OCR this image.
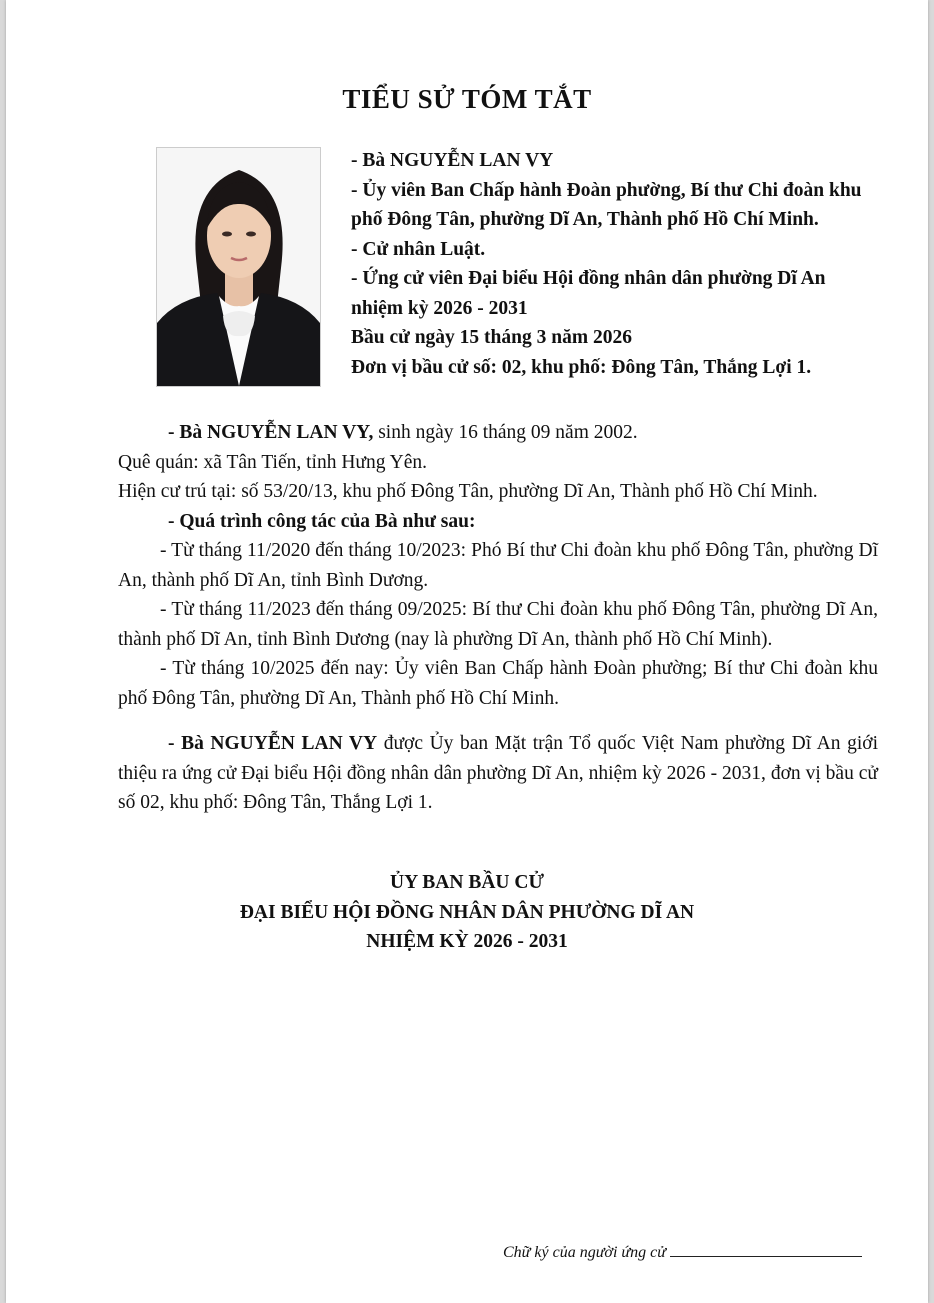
TIỂU SỬ TÓM TẮT

- Bà NGUYỄN LAN VY

- Ủy viên Ban Chấp hành Đoàn phường, Bí thư Chi đoàn khu phố Đông Tân, phường Dĩ An, Thành phố Hồ Chí Minh.

- Cử nhân Luật.

- Ứng cử viên Đại biểu Hội đồng nhân dân phường Dĩ An nhiệm kỳ 2026 - 2031

Bầu cử ngày 15 tháng 3 năm 2026

Đơn vị bầu cử số: 02, khu phố: Đông Tân, Thắng Lợi 1.

- Bà NGUYỄN LAN VY, sinh ngày 16 tháng 09 năm 2002.

Quê quán: xã Tân Tiến, tỉnh Hưng Yên.

Hiện cư trú tại: số 53/20/13, khu phố Đông Tân, phường Dĩ An, Thành phố Hồ Chí Minh.

- Quá trình công tác của Bà như sau:

- Từ tháng 11/2020 đến tháng 10/2023: Phó Bí thư Chi đoàn khu phố Đông Tân, phường Dĩ An, thành phố Dĩ An, tỉnh Bình Dương.

- Từ tháng 11/2023 đến tháng 09/2025: Bí thư Chi đoàn khu phố Đông Tân, phường Dĩ An, thành phố Dĩ An, tỉnh Bình Dương (nay là phường Dĩ An, thành phố Hồ Chí Minh).

- Từ tháng 10/2025 đến nay: Ủy viên Ban Chấp hành Đoàn phường; Bí thư Chi đoàn khu phố Đông Tân, phường Dĩ An, Thành phố Hồ Chí Minh.

- Bà NGUYỄN LAN VY được Ủy ban Mặt trận Tổ quốc Việt Nam phường Dĩ An giới thiệu ra ứng cử Đại biểu Hội đồng nhân dân phường Dĩ An, nhiệm kỳ 2026 - 2031, đơn vị bầu cử số 02, khu phố: Đông Tân, Thắng Lợi 1.

ỦY BAN BẦU CỬ

ĐẠI BIỂU HỘI ĐỒNG NHÂN DÂN PHƯỜNG DĨ AN

NHIỆM KỲ 2026 - 2031

Chữ ký của người ứng cử
